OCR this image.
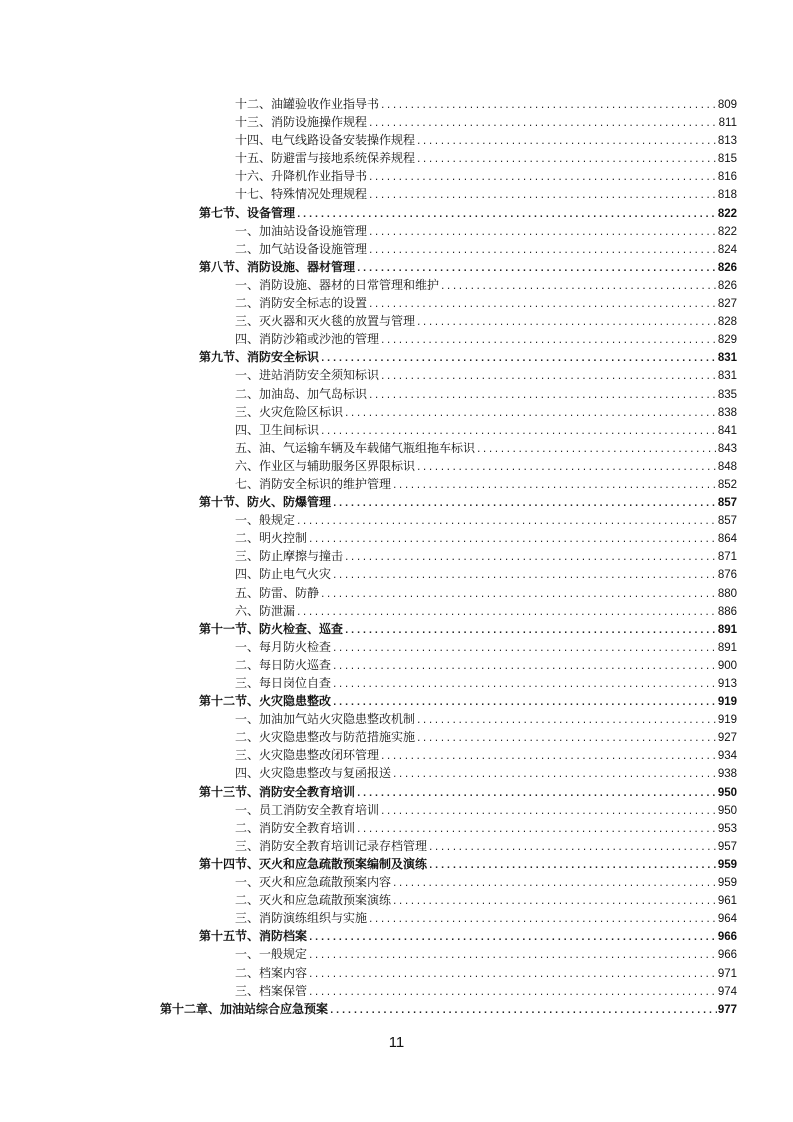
十二、油罐验收作业指导书 .....	809
十三、消防设施操作规程 .....	811
十四、电气线路设备安装操作规程 .....	813
十五、防避雷与接地系统保养规程 .....	815
十六、升降机作业指导书 .....	816
十七、特殊情况处理规程 .....	818
第七节、设备管理 .....	822
一、加油站设备设施管理 .....	822
二、加气站设备设施管理 .....	824
第八节、消防设施、器材管理 .....	826
一、消防设施、器材的日常管理和维护 .....	826
二、消防安全标志的设置 .....	827
三、灭火器和灭火毯的放置与管理 .....	828
四、消防沙箱或沙池的管理 .....	829
第九节、消防安全标识 .....	831
一、进站消防安全须知标识 .....	831
二、加油岛、加气岛标识 .....	835
三、火灾危险区标识 .....	838
四、卫生间标识 .....	841
五、油、气运输车辆及车载储气瓶组拖车标识 .....	843
六、作业区与辅助服务区界限标识 .....	848
七、消防安全标识的维护管理 .....	852
第十节、防火、防爆管理 .....	857
一、般规定 .....	857
二、明火控制 .....	864
三、防止摩擦与撞击 .....	871
四、防止电气火灾 .....	876
五、防雷、防静 .....	880
六、防泄漏 .....	886
第十一节、防火检查、巡查 .....	891
一、每月防火检查 .....	891
二、每日防火巡查 .....	900
三、每日岗位自查 .....	913
第十二节、火灾隐患整改 .....	919
一、加油加气站火灾隐患整改机制 .....	919
二、火灾隐患整改与防范措施实施 .....	927
三、火灾隐患整改闭环管理 .....	934
四、火灾隐患整改与复函报送 .....	938
第十三节、消防安全教育培训 .....	950
一、员工消防安全教育培训 .....	950
二、消防安全教育培训 .....	953
三、消防安全教育培训记录存档管理 .....	957
第十四节、灭火和应急疏散预案编制及演练 .....	959
一、灭火和应急疏散预案内容 .....	959
二、灭火和应急疏散预案演练 .....	961
三、消防演练组织与实施 .....	964
第十五节、消防档案 .....	966
一、一般规定 .....	966
二、档案内容 .....	971
三、档案保管 .....	974
第十二章、加油站综合应急预案 .....	977
11
